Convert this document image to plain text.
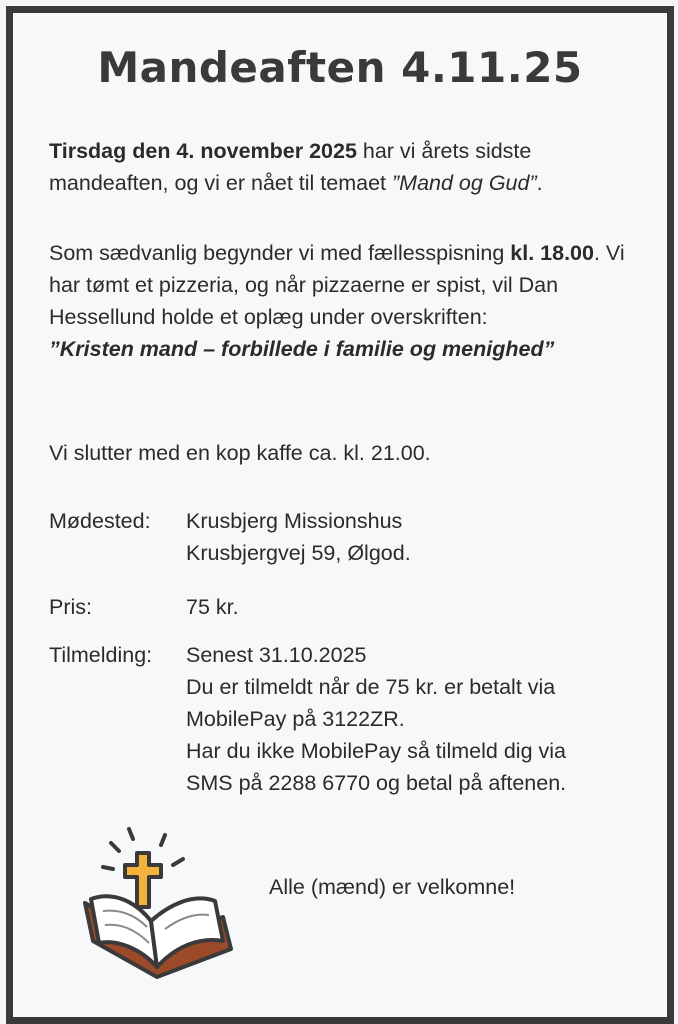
Mandeaften 4.11.25
Tirsdag den 4. november 2025 har vi årets sidste mandeaften, og vi er nået til temaet ”Mand og Gud”.
Som sædvanlig begynder vi med fællesspisning kl. 18.00. Vi har tømt et pizzeria, og når pizzaerne er spist, vil Dan Hessellund holde et oplæg under overskriften:
”Kristen mand – forbillede i familie og menighed”
Vi slutter med en kop kaffe ca. kl. 21.00.
Mødested:	Krusbjerg Missionshus
Krusbjergvej 59, Ølgod.
Pris:	75 kr.
Tilmelding:	Senest 31.10.2025
Du er tilmeldt når de 75 kr. er betalt via
MobilePay på 3122ZR.
Har du ikke MobilePay så tilmeld dig via
SMS på 2288 6770 og betal på aftenen.
Alle (mænd) er velkomne!
